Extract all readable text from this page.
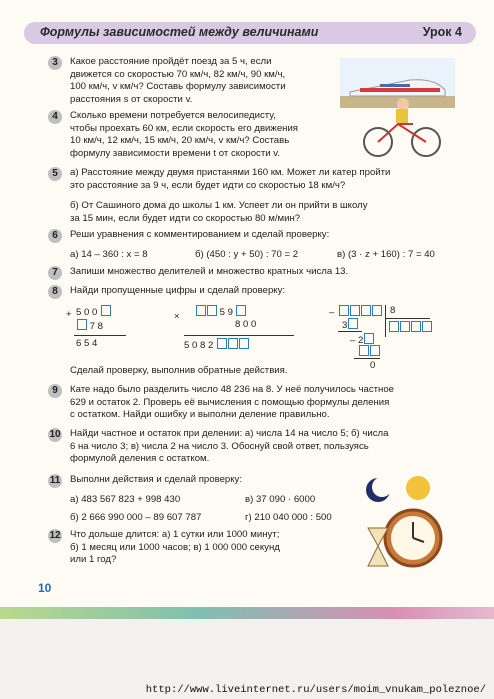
Формулы зависимостей между величинами	Урок 4
3	Какое расстояние пройдёт поезд за 5 ч, если
движется со скоростью 70 км/ч, 82 км/ч, 90 км/ч,
100 км/ч, v км/ч? Составь формулу зависимости
расстояния s от скорости v.
4	Сколько времени потребуется велосипедисту,
чтобы проехать 60 км, если скорость его движения
10 км/ч, 12 км/ч, 15 км/ч, 20 км/ч, v км/ч? Составь
формулу зависимости времени t от скорости v.
5	а) Расстояние между двумя пристанями 160 км. Может ли катер пройти
это расстояние за 9 ч, если будет идти со скоростью 18 км/ч?
б) От Сашиного дома до школы 1 км. Успеет ли он прийти в школу
за 15 мин, если будет идти со скоростью 80 м/мин?
6	Реши уравнения с комментированием и сделай проверку:
а) 14 – 360 : x = 8	б) (450 : y + 50) : 70 = 2	в) (3 · z + 160) : 7 = 40
7	Запиши множество делителей и множество кратных числа 13.
8	Найди пропущенные цифры и сделай проверку:
+ 5 0 0
7 8
6 5 4
×	5 9
8 0 0
5 0 8 2
–	8
3
– 2
0
Сделай проверку, выполнив обратные действия.
9	Кате надо было разделить число 48 236 на 8. У неё получилось частное
629 и остаток 2. Проверь её вычисления с помощью формулы деления
с остатком. Найди ошибку и выполни деление правильно.
10 Найди частное и остаток при делении: а) числа 14 на число 5; б) числа
6 на число 3; в) числа 2 на число 3. Обоснуй свой ответ, пользуясь
формулой деления с остатком.
11 Выполни действия и сделай проверку:
а) 483 567 823 + 998 430
б) 2 666 990 000 – 89 607 787
в) 37 090 · 6000
г) 210 040 000 : 500
12 Что дольше длится: а) 1 сутки или 1000 минут;
б) 1 месяц или 1000 часов; в) 1 000 000 секунд
или 1 год?
10
http://www.liveinternet.ru/users/moim_vnukam_poleznoe/
